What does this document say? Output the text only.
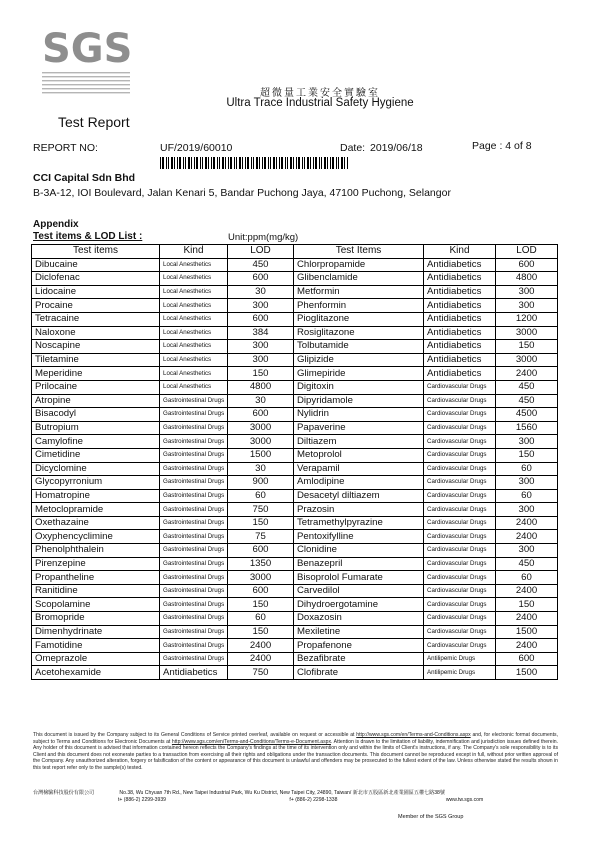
SGS
超微量工業安全實驗室
Ultra Trace Industrial Safety Hygiene
Test Report
REPORT NO:	UF/2019/60010	Date: 2019/06/18	Page : 4 of 8
CCI Capital Sdn Bhd
B-3A-12, IOI Boulevard, Jalan Kenari 5, Bandar Puchong Jaya, 47100 Puchong, Selangor
Appendix
Test items & LOD List :	Unit:ppm(mg/kg)
Test items	Kind	LOD	Test Items	Kind	LOD
Dibucaine	Local Anesthetics	450	Chlorpropamide	Antidiabetics	600
Diclofenac	Local Anesthetics	600	Glibenclamide	Antidiabetics	4800
Lidocaine	Local Anesthetics	30	Metformin	Antidiabetics	300
Procaine	Local Anesthetics	300	Phenformin	Antidiabetics	300
Tetracaine	Local Anesthetics	600	Pioglitazone	Antidiabetics	1200
Naloxone	Local Anesthetics	384	Rosiglitazone	Antidiabetics	3000
Noscapine	Local Anesthetics	300	Tolbutamide	Antidiabetics	150
Tiletamine	Local Anesthetics	300	Glipizide	Antidiabetics	3000
Meperidine	Local Anesthetics	150	Glimepiride	Antidiabetics	2400
Prilocaine	Local Anesthetics	4800	Digitoxin	Cardiovascular Drugs	450
Atropine	Gastrointestinal Drugs	30	Dipyridamole	Cardiovascular Drugs	450
Bisacodyl	Gastrointestinal Drugs	600	Nylidrin	Cardiovascular Drugs	4500
Butropium	Gastrointestinal Drugs	3000	Papaverine	Cardiovascular Drugs	1560
Camylofine	Gastrointestinal Drugs	3000	Diltiazem	Cardiovascular Drugs	300
Cimetidine	Gastrointestinal Drugs	1500	Metoprolol	Cardiovascular Drugs	150
Dicyclomine	Gastrointestinal Drugs	30	Verapamil	Cardiovascular Drugs	60
Glycopyrronium	Gastrointestinal Drugs	900	Amlodipine	Cardiovascular Drugs	300
Homatropine	Gastrointestinal Drugs	60	Desacetyl diltiazem	Cardiovascular Drugs	60
Metoclopramide	Gastrointestinal Drugs	750	Prazosin	Cardiovascular Drugs	300
Oxethazaine	Gastrointestinal Drugs	150	Tetramethylpyrazine	Cardiovascular Drugs	2400
Oxyphencyclimine	Gastrointestinal Drugs	75	Pentoxifylline	Cardiovascular Drugs	2400
Phenolphthalein	Gastrointestinal Drugs	600	Clonidine	Cardiovascular Drugs	300
Pirenzepine	Gastrointestinal Drugs	1350	Benazepril	Cardiovascular Drugs	450
Propantheline	Gastrointestinal Drugs	3000	Bisoprolol Fumarate	Cardiovascular Drugs	60
Ranitidine	Gastrointestinal Drugs	600	Carvedilol	Cardiovascular Drugs	2400
Scopolamine	Gastrointestinal Drugs	150	Dihydroergotamine	Cardiovascular Drugs	150
Bromopride	Gastrointestinal Drugs	60	Doxazosin	Cardiovascular Drugs	2400
Dimenhydrinate	Gastrointestinal Drugs	150	Mexiletine	Cardiovascular Drugs	1500
Famotidine	Gastrointestinal Drugs	2400	Propafenone	Cardiovascular Drugs	2400
Omeprazole	Gastrointestinal Drugs	2400	Bezafibrate	Antilipemic Drugs	600
Acetohexamide	Antidiabetics	750	Clofibrate	Antilipemic Drugs	1500
This document is issued by the Company subject to its General Conditions of Service printed overleaf, available on request or accessible at http://www.sgs.com/en/Terms-and-Conditions.aspx and, for electronic format documents, subject to Terms and Conditions for Electronic Documents at http://www.sgs.com/en/Terms-and-Conditions/Terms-e-Document.aspx. Attention is drawn to the limitation of liability, indemnification and jurisdiction issues defined therein. Any holder of this document is advised that information contained hereon reflects the Company's findings at the time of its intervention only and within the limits of Client's instructions, if any. The Company's sole responsibility is to its Client and this document does not exonerate parties to a transaction from exercising all their rights and obligations under the transaction documents. This document cannot be reproduced except in full, without prior written approval of the Company. Any unauthorized alteration, forgery or falsification of the content or appearance of this document is unlawful and offenders may be prosecuted to the fullest extent of the law. Unless otherwise stated the results shown in this test report refer only to the sample(s) tested.
台灣檢驗科技股份有限公司	No.38, Wu Chyuan 7th Rd., New Taipei Industrial Park, Wu Ku District, New Taipei City, 24890, Taiwan/ 新北市五股區新北產業園區五權七路38號
t+ (886-2) 2299-3939	f+ (886-2) 2298-1338	www.tw.sgs.com
Member of the SGS Group
